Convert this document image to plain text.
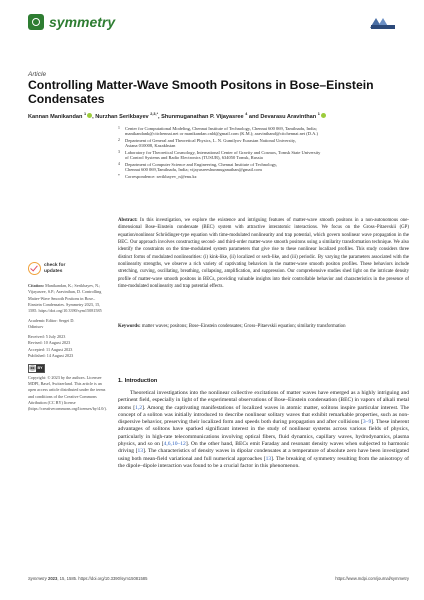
symmetry
Article
Controlling Matter-Wave Smooth Positons in Bose–Einstein Condensates
Kannan Manikandan $^1$ , Nurzhan Serikbayev $^{2,3,*}$, Shunmuganathan P. Vijayasree $^4$ and Devarasu Aravinthan $^1$
1	Center for Computational Modeling, Chennai Institute of Technology, Chennai 600 069, Tamilnadu, India;
manikandank@citchennai.net or manikandan.cnld@gmail.com (K.M.); aravinthand@citchennai.net (D.A.)
2	Department of General and Theoretical Physics, L. N. Gumilyov Eurasian National University,
Astana 010008, Kazakhstan
3	Laboratory for Theoretical Cosmology, International Center of Gravity and Cosmos, Tomsk State University
of Control Systems and Radio Electronics (TUSUR), 634050 Tomsk, Russia
4	Department of Computer Science and Engineering, Chennai Institute of Technology,
Chennai 600 069,Tamilnadu, India; vijayasreeshunmuganathan@gmail.com
*	Correspondence: serikbayev_n@enu.kz
Abstract: In this investigation, we explore the existence and intriguing features of matter-wave smooth positons in a non-autonomous one-dimensional Bose–Einstein condensate (BEC) system with attractive interatomic interactions. We focus on the Gross–Pitaevskii (GP) equation/nonlinear Schrödinger-type equation with time-modulated nonlinearity and trap potential, which govern nonlinear wave propagation in the BEC. Our approach involves constructing second- and third-order matter-wave smooth positons using a similarity transformation technique. We also identify the constraints on the time-modulated system parameters that give rise to these nonlinear localized profiles. This study considers three distinct forms of modulated nonlinearities: (i) kink-like, (ii) localized or sech-like, and (iii) periodic. By varying the parameters associated with the nonlinearity strengths, we observe a rich variety of captivating behaviors in the matter-wave smooth positon profiles. These behaviors include stretching, curving, oscillating, breathing, collapsing, amplification, and suppression. Our comprehensive studies shed light on the intricate density profile of matter-wave smooth positons in BECs, providing valuable insights into their controllable behavior and characteristics in the presence of time-modulated nonlinearity and trap potential effects.
Keywords: matter waves; positons; Bose–Einstein condensates; Gross–Pitaevskii equation; similarity transformation
check for updates
Citation: Manikandan, K.; Serikbayev, N.; Vijayasree, S.P.; Aravinthan, D. Controlling Matter-Wave Smooth Positons in Bose–Einstein Condensates. Symmetry 2023, 15, 1585. https://doi.org/10.3390/sym15081585
Academic Editor: Sergei D.
Odintsov
Received: 5 July 2023
Revised: 10 August 2023
Accepted: 11 August 2023
Published: 14 August 2023
cc BY
Copyright: © 2023 by the authors. Licensee MDPI, Basel, Switzerland. This article is an open access article distributed under the terms and conditions of the Creative Commons Attribution (CC BY) license (https://creativecommons.org/licenses/by/4.0/).
1. Introduction
Theoretical investigations into the nonlinear collective excitations of matter waves have emerged as a highly intriguing and pertinent field, especially in light of the experimental observations of Bose–Einstein condensation (BEC) in vapors of alkali metal atoms [1,2]. Among the captivating manifestations of localized waves in atomic matter, solitons inspire particular interest. The concept of a soliton was initially introduced to describe nonlinear solitary waves that exhibit remarkable properties, such as non-dispersive behavior, preserving their localized form and speeds both during propagation and after collisions [3–9]. These inherent advantages of solitons have sparked significant interest in the study of nonlinear systems across various fields of physics, particularly in high-rate telecommunications involving optical fibers, fluid dynamics, capillary waves, hydrodynamics, plasma physics, and so on [4,6,10–12]. On the other hand, BECs emit Faraday and resonant density waves when subjected to harmonic driving [13]. The characteristics of density waves in dipolar condensates at a temperature of absolute zero have been investigated using both mean-field variational and full numerical approaches [13]. The breaking of symmetry resulting from the anisotropy of the dipole–dipole interaction was found to be a crucial factor in this phenomenon.
Symmetry 2023, 15, 1585. https://doi.org/10.3390/sym15081585	https://www.mdpi.com/journal/symmetry
